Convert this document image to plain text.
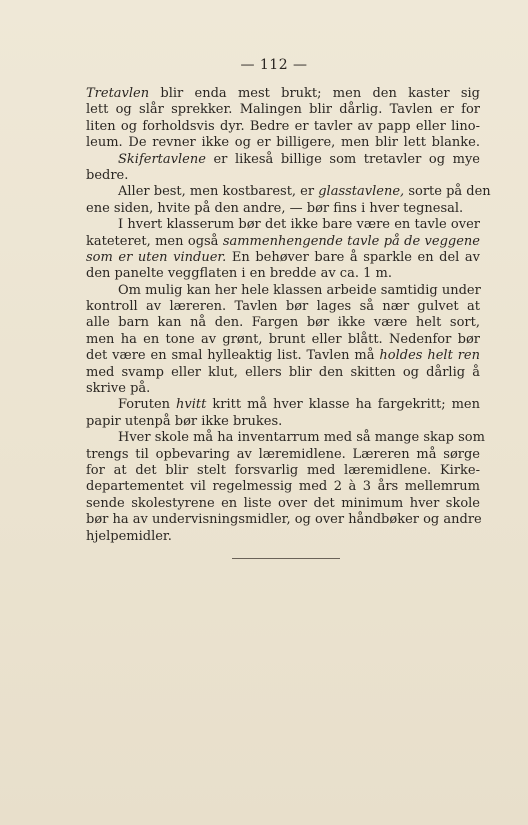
— 112 —
Tretavlen blir enda mest brukt; men den kaster sig
lett og slår sprekker. Malingen blir dårlig. Tavlen er for
liten og forholdsvis dyr. Bedre er tavler av papp eller lino-
leum. De revner ikke og er billigere, men blir lett blanke.
Skifertavlene er likeså billige som tretavler og mye
bedre.
Aller best, men kostbarest, er glasstavlene, sorte på den
ene siden, hvite på den andre, — bør fins i hver tegnesal.
I hvert klasserum bør det ikke bare være en tavle over
kateteret, men også sammenhengende tavle på de veggene
som er uten vinduer. En behøver bare å sparkle en del av
den panelte veggflaten i en bredde av ca. 1 m.
Om mulig kan her hele klassen arbeide samtidig under
kontroll av læreren. Tavlen bør lages så nær gulvet at
alle barn kan nå den. Fargen bør ikke være helt sort,
men ha en tone av grønt, brunt eller blått. Nedenfor bør
det være en smal hylleaktig list. Tavlen må holdes helt ren
med svamp eller klut, ellers blir den skitten og dårlig å
skrive på.
Foruten hvitt kritt må hver klasse ha fargekritt; men
papir utenpå bør ikke brukes.
Hver skole må ha inventarrum med så mange skap som
trengs til opbevaring av læremidlene. Læreren må sørge
for at det blir stelt forsvarlig med læremidlene. Kirke-
departementet vil regelmessig med 2 à 3 års mellemrum
sende skolestyrene en liste over det minimum hver skole
bør ha av undervisningsmidler, og over håndbøker og andre
hjelpemidler.
